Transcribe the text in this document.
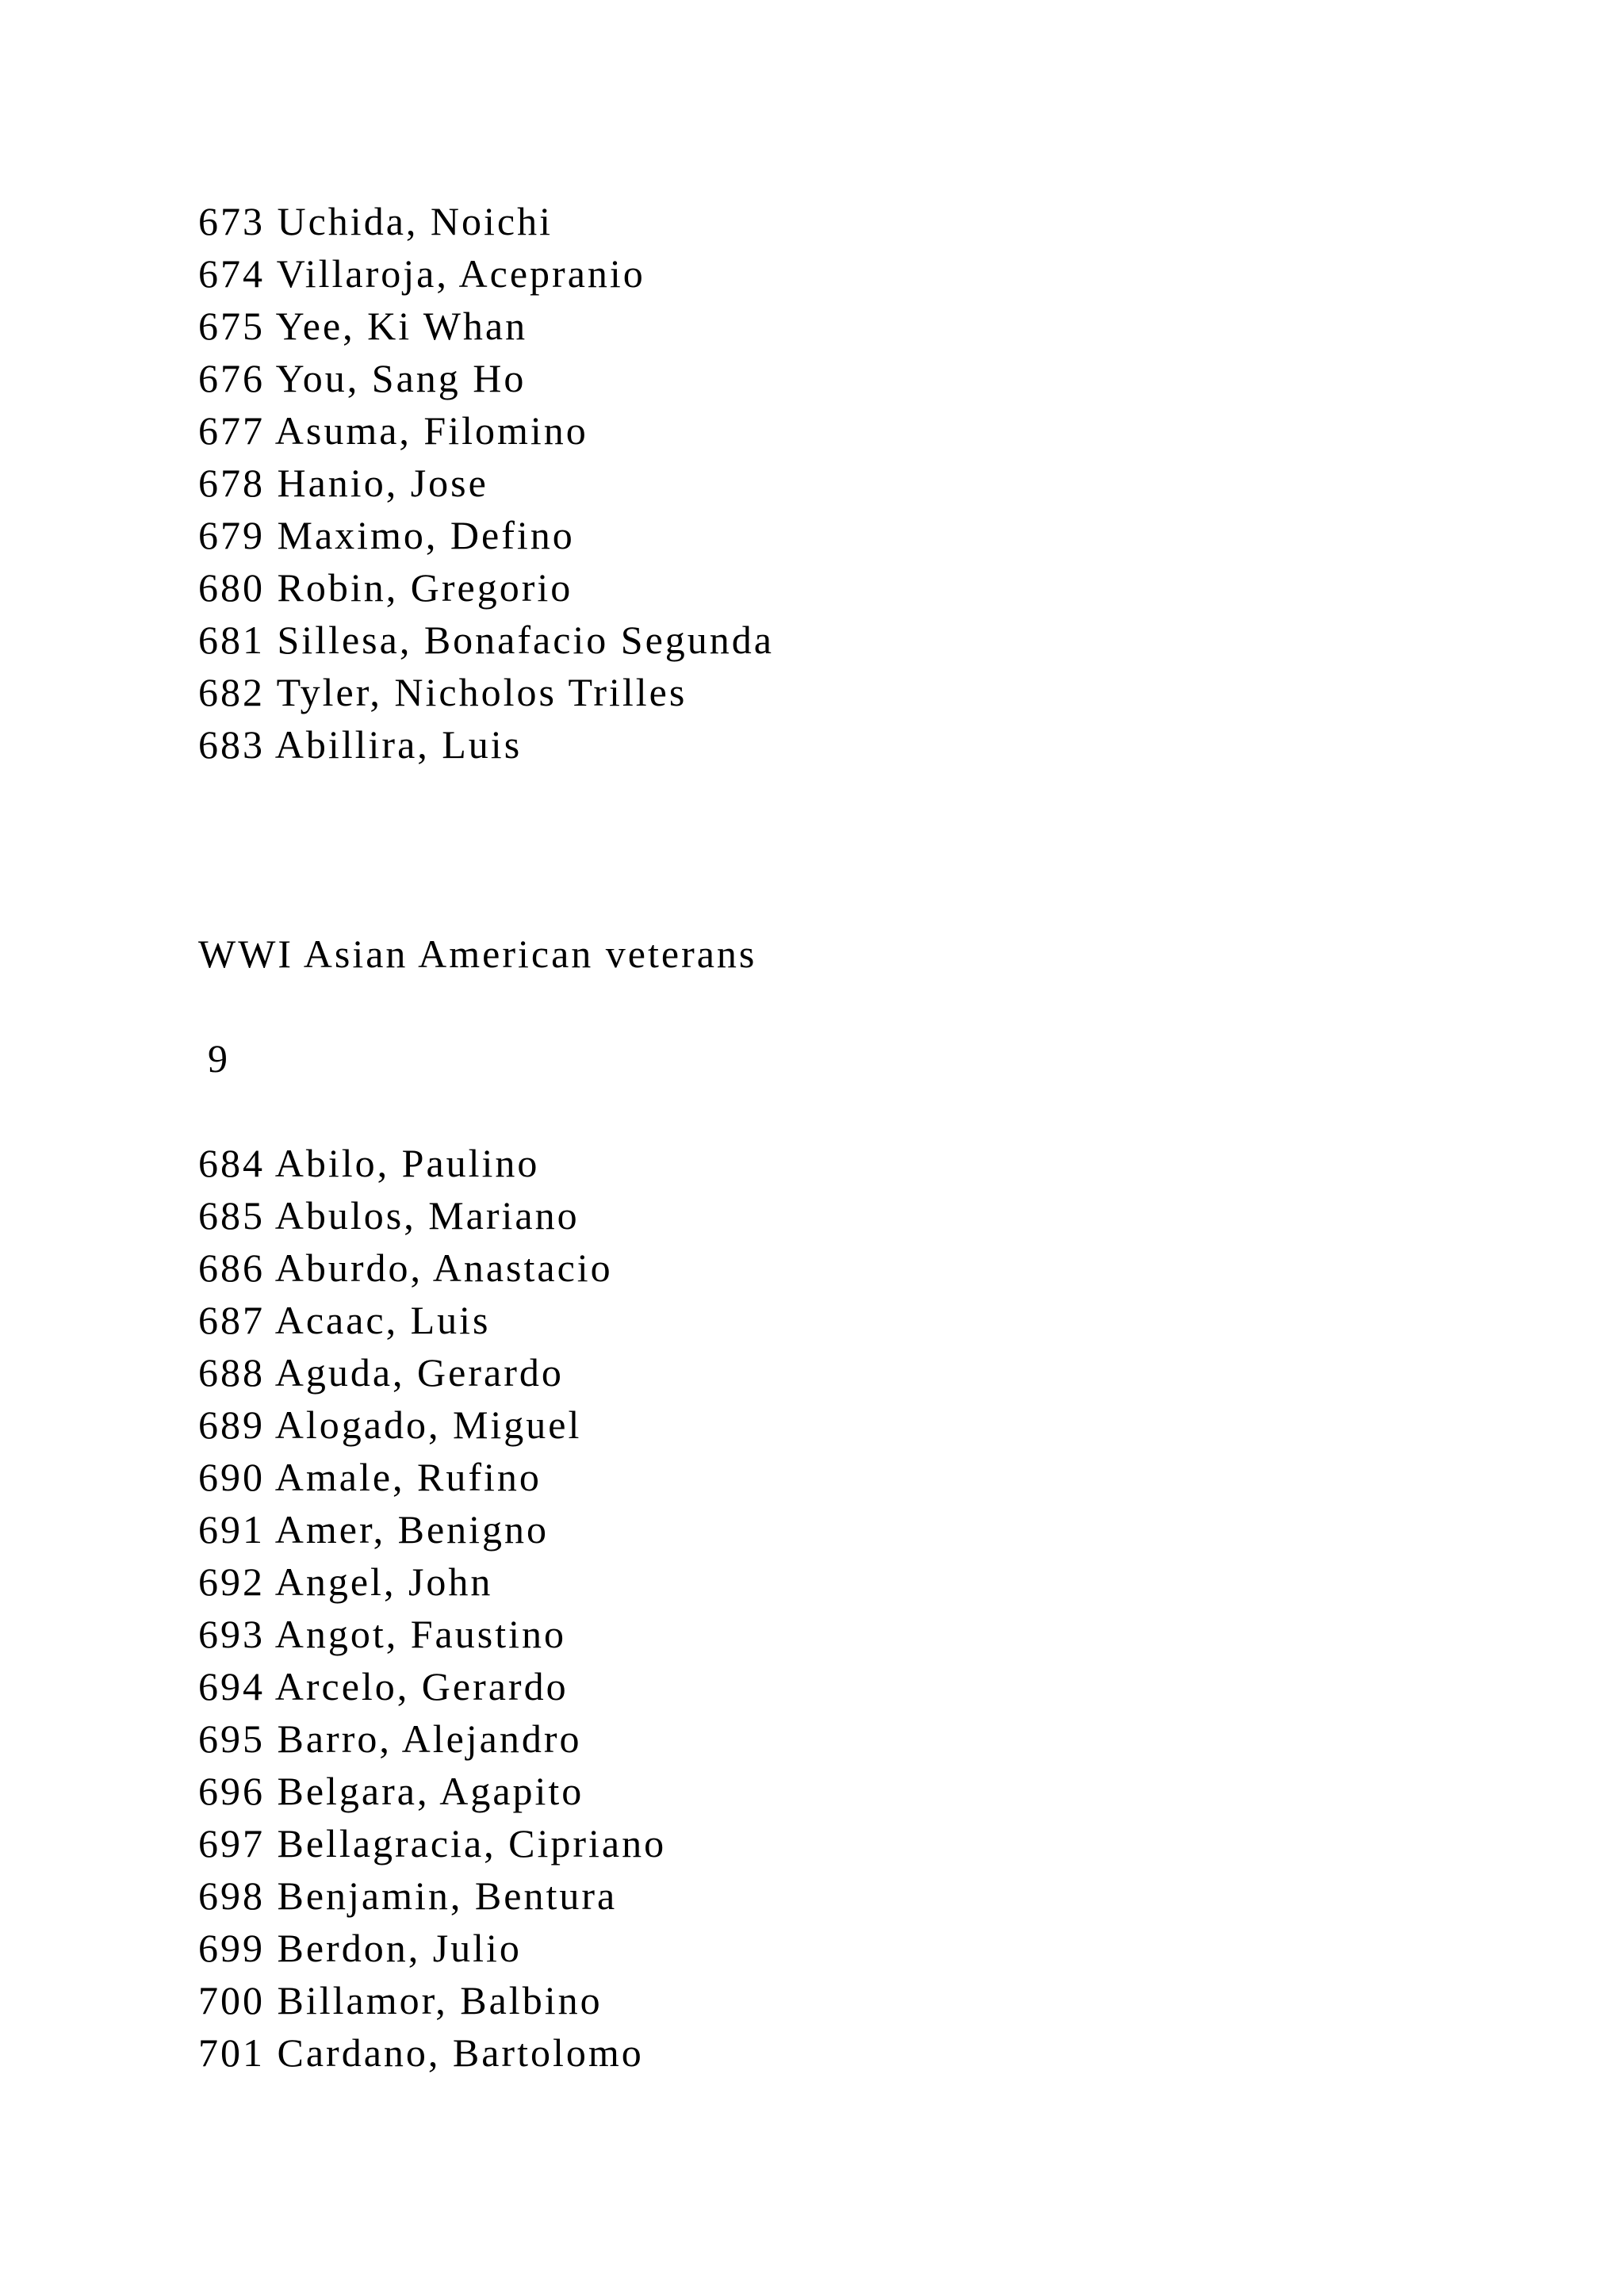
673 Uchida, Noichi
674 Villaroja, Acepranio
675 Yee, Ki Whan
676 You, Sang Ho
677 Asuma, Filomino
678 Hanio, Jose
679 Maximo, Defino
680 Robin, Gregorio
681 Sillesa, Bonafacio Segunda
682 Tyler, Nicholos Trilles
683 Abillira, Luis
WWI Asian American veterans
9
684 Abilo, Paulino
685 Abulos, Mariano
686 Aburdo, Anastacio
687 Acaac, Luis
688 Aguda, Gerardo
689 Alogado, Miguel
690 Amale, Rufino
691 Amer, Benigno
692 Angel, John
693 Angot, Faustino
694 Arcelo, Gerardo
695 Barro, Alejandro
696 Belgara, Agapito
697 Bellagracia, Cipriano
698 Benjamin, Bentura
699 Berdon, Julio
700 Billamor, Balbino
701 Cardano, Bartolomo
